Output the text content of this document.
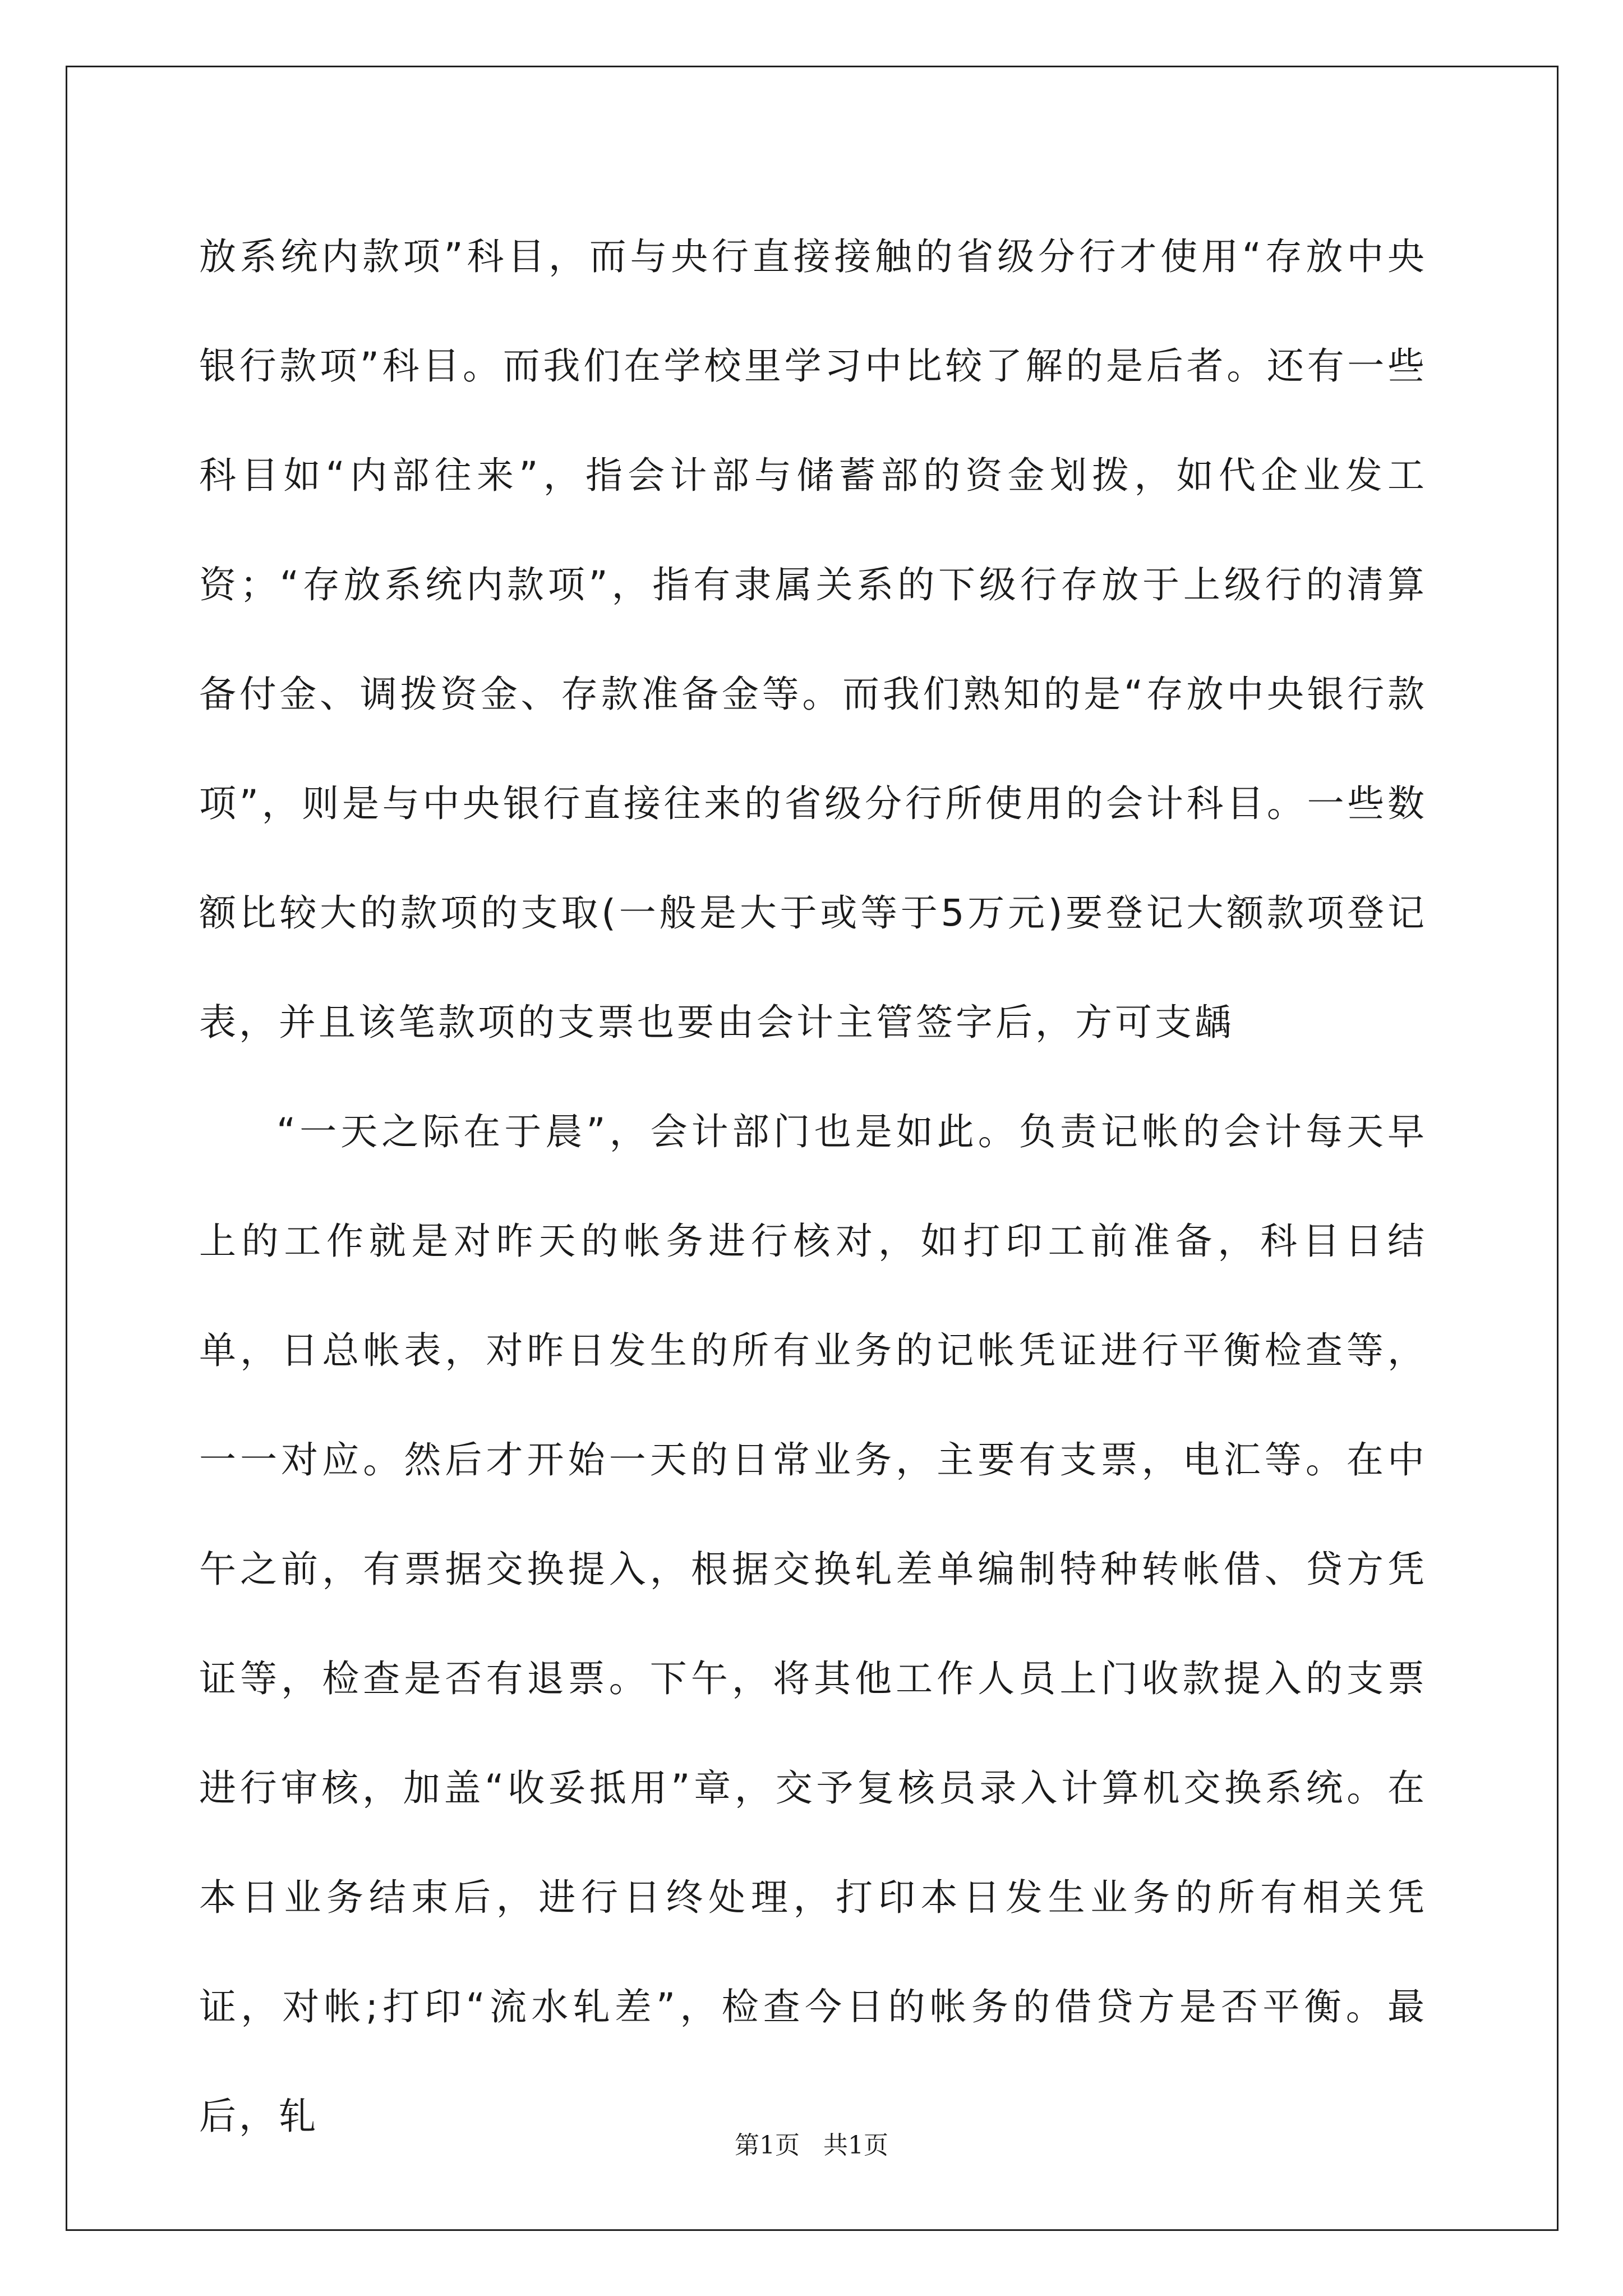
放系统内款项”科目，而与央行直接接触的省级分行才使用“存放中央银行款项”科目。而我们在学校里学习中比较了解的是后者。还有一些科目如“内部往来”，指会计部与储蓄部的资金划拨，如代企业发工资；“存放系统内款项”，指有隶属关系的下级行存放于上级行的清算备付金、调拨资金、存款准备金等。而我们熟知的是“存放中央银行款项”，则是与中央银行直接往来的省级分行所使用的会计科目。一些数额比较大的款项的支取(一般是大于或等于5万元)要登记大额款项登记表，并且该笔款项的支票也要由会计主管签字后，方可支龋

“一天之际在于晨”，会计部门也是如此。负责记帐的会计每天早上的工作就是对昨天的帐务进行核对，如打印工前准备，科目日结单，日总帐表，对昨日发生的所有业务的记帐凭证进行平衡检查等，一一对应。然后才开始一天的日常业务，主要有支票，电汇等。在中午之前，有票据交换提入，根据交换轧差单编制特种转帐借、贷方凭证等，检查是否有退票。下午，将其他工作人员上门收款提入的支票进行审核，加盖“收妥抵用”章，交予复核员录入计算机交换系统。在本日业务结束后，进行日终处理，打印本日发生业务的所有相关凭证，对帐;打印“流水轧差”，检查今日的帐务的借贷方是否平衡。最后，轧

第1页 共1页
